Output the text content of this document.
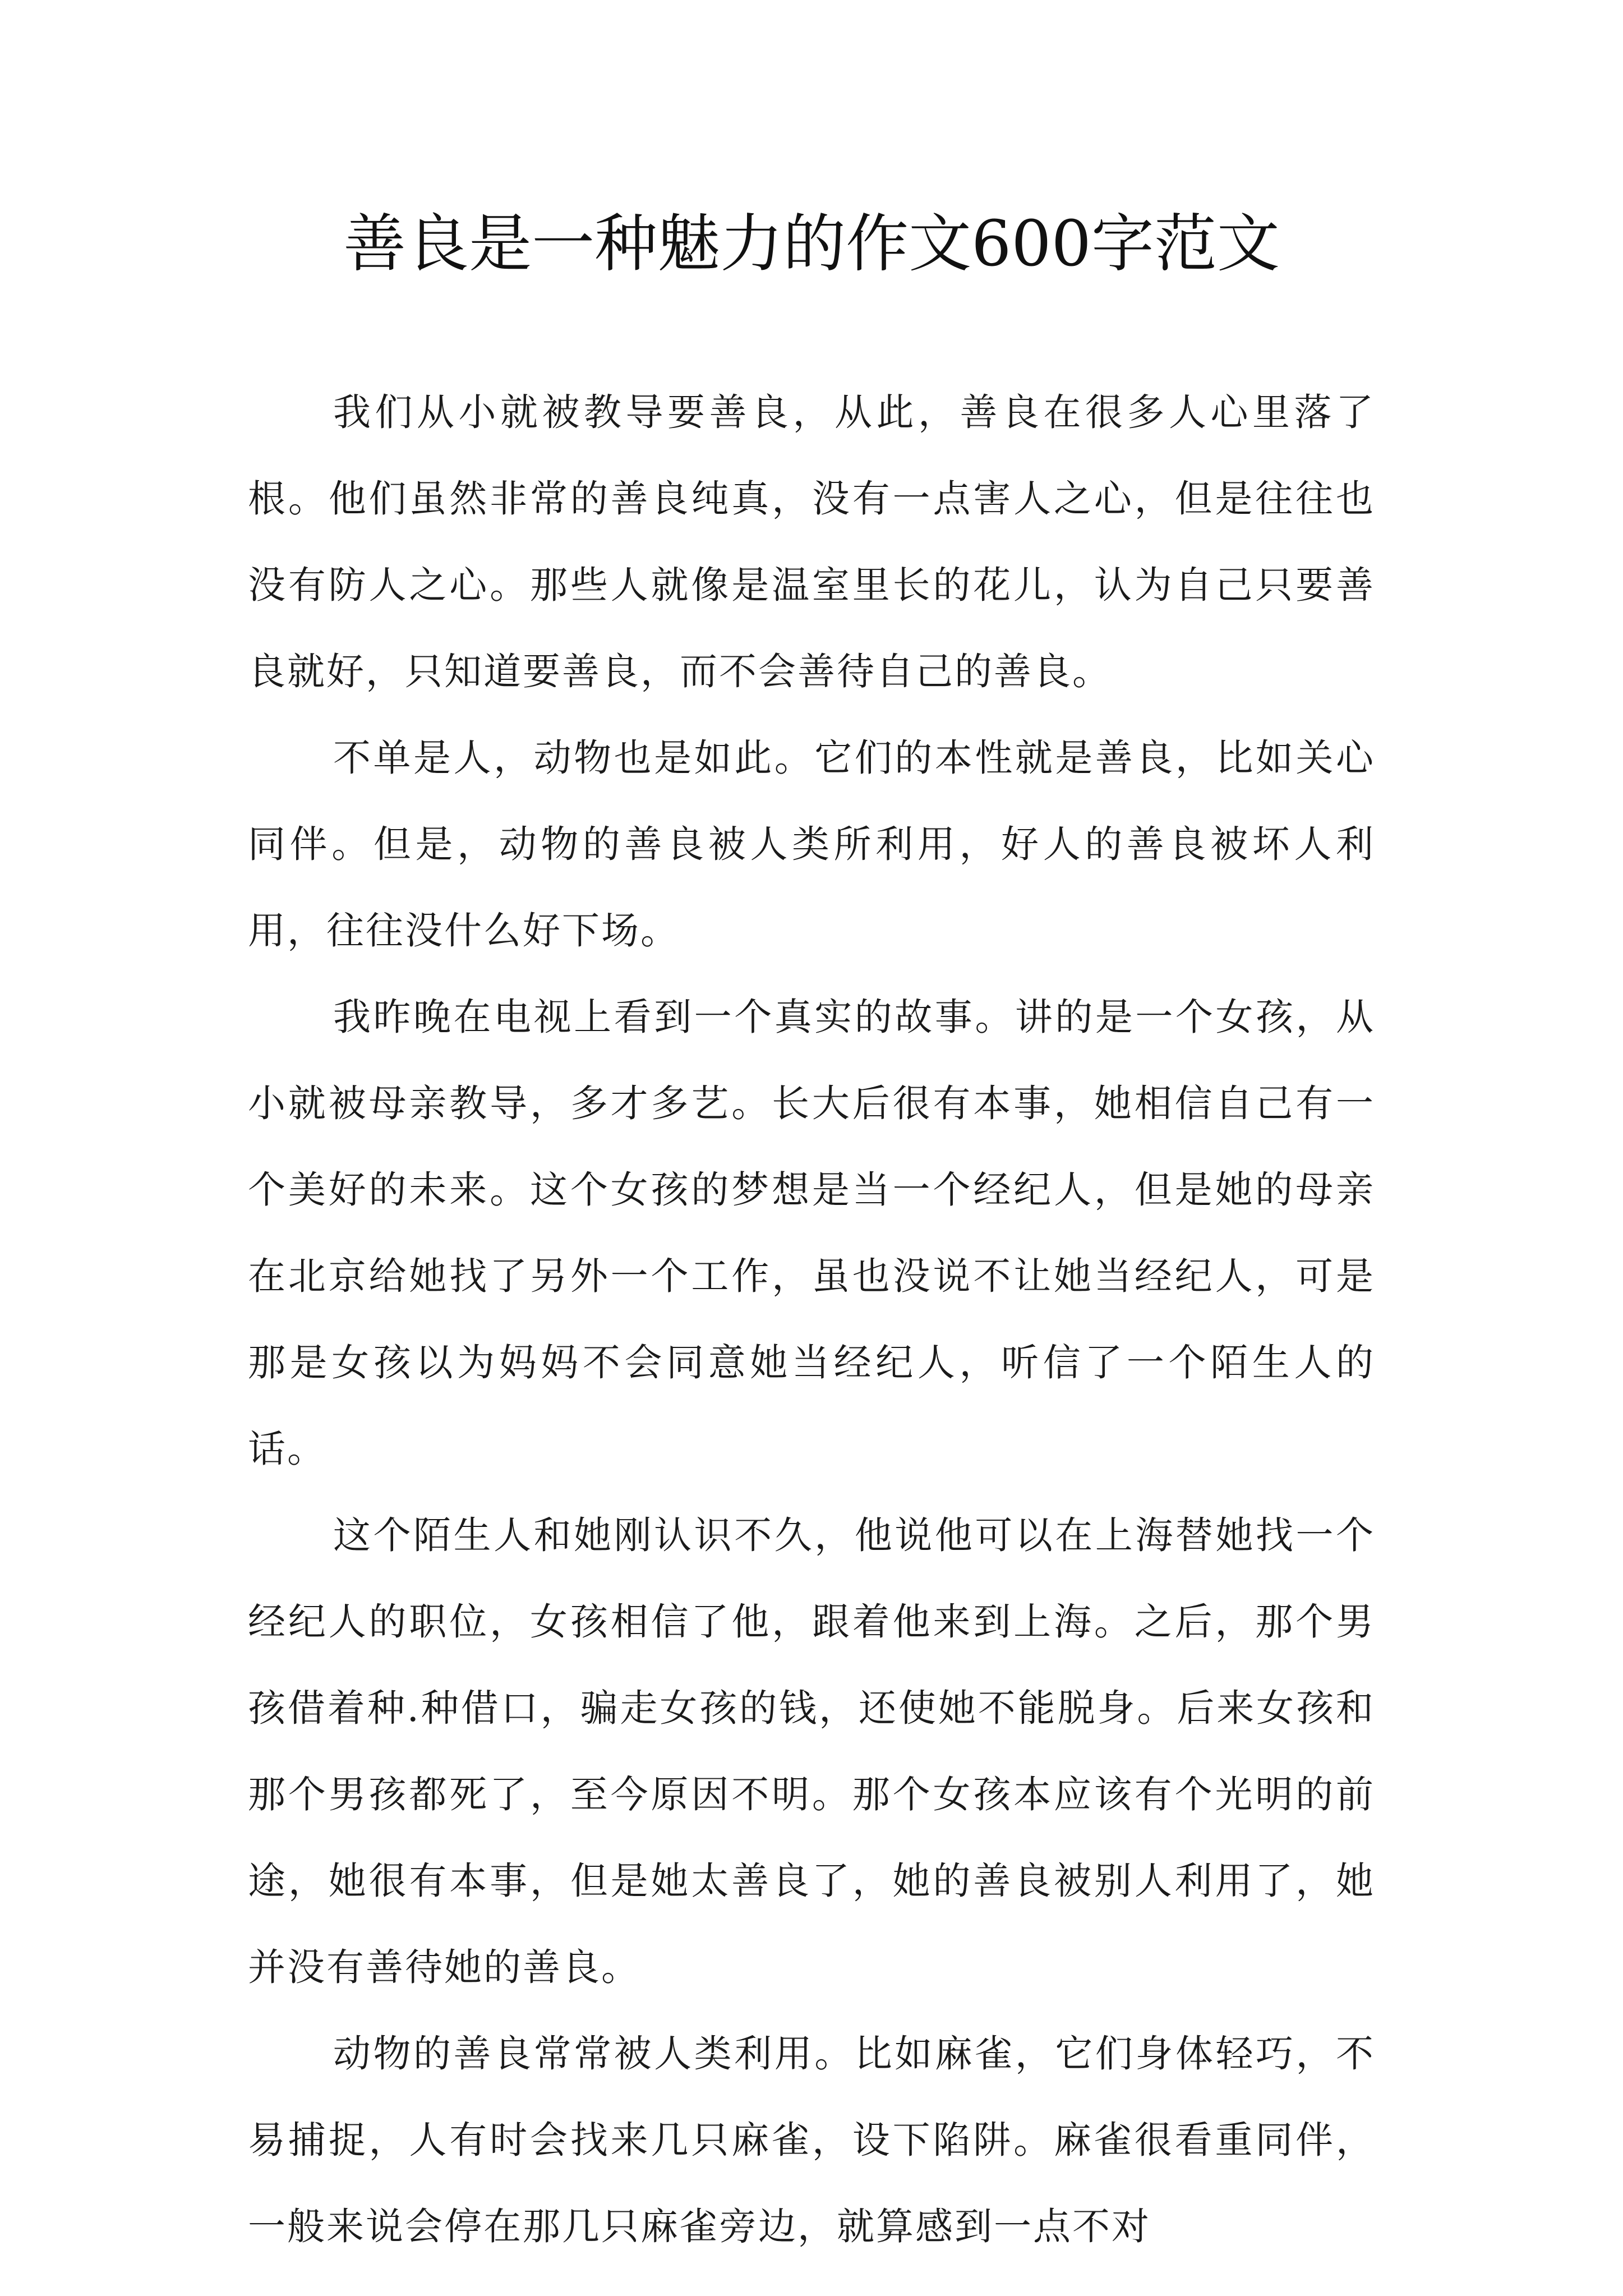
善良是一种魅力的作文600字范文

我们从小就被教导要善良，从此，善良在很多人心里落了根。他们虽然非常的善良纯真，没有一点害人之心，但是往往也没有防人之心。那些人就像是温室里长的花儿，认为自己只要善良就好，只知道要善良，而不会善待自己的善良。

不单是人，动物也是如此。它们的本性就是善良，比如关心同伴。但是，动物的善良被人类所利用，好人的善良被坏人利用，往往没什么好下场。

我昨晚在电视上看到一个真实的故事。讲的是一个女孩，从小就被母亲教导，多才多艺。长大后很有本事，她相信自己有一个美好的未来。这个女孩的梦想是当一个经纪人，但是她的母亲在北京给她找了另外一个工作，虽也没说不让她当经纪人，可是那是女孩以为妈妈不会同意她当经纪人，听信了一个陌生人的话。

这个陌生人和她刚认识不久，他说他可以在上海替她找一个经纪人的职位，女孩相信了他，跟着他来到上海。之后，那个男孩借着种.种借口，骗走女孩的钱，还使她不能脱身。后来女孩和那个男孩都死了，至今原因不明。那个女孩本应该有个光明的前途，她很有本事，但是她太善良了，她的善良被别人利用了，她并没有善待她的善良。

动物的善良常常被人类利用。比如麻雀，它们身体轻巧，不易捕捉，人有时会找来几只麻雀，设下陷阱。麻雀很看重同伴，一般来说会停在那几只麻雀旁边，就算感到一点不对
